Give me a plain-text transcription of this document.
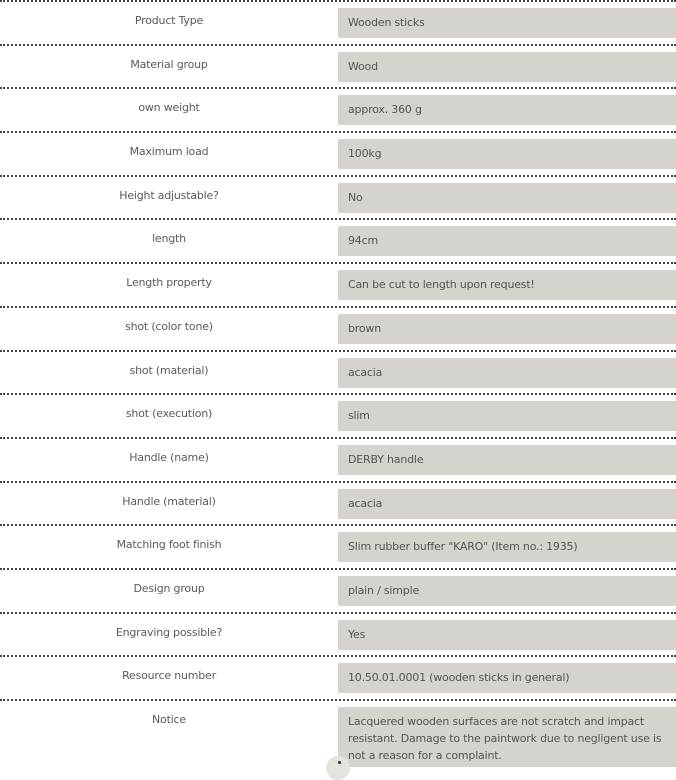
Product Type	Wooden sticks
Material group	Wood
own weight	approx. 360 g
Maximum load	100kg
Height adjustable?	No
length	94cm
Length property	Can be cut to length upon request!
shot (color tone)	brown
shot (material)	acacia
shot (execution)	slim
Handle (name)	DERBY handle
Handle (material)	acacia
Matching foot finish	Slim rubber buffer "KARO" (Item no.: 1935)
Design group	plain / simple
Engraving possible?	Yes
Resource number	10.50.01.0001 (wooden sticks in general)
Notice	Lacquered wooden surfaces are not scratch and impact resistant. Damage to the paintwork due to negligent use is not a reason for a complaint.
